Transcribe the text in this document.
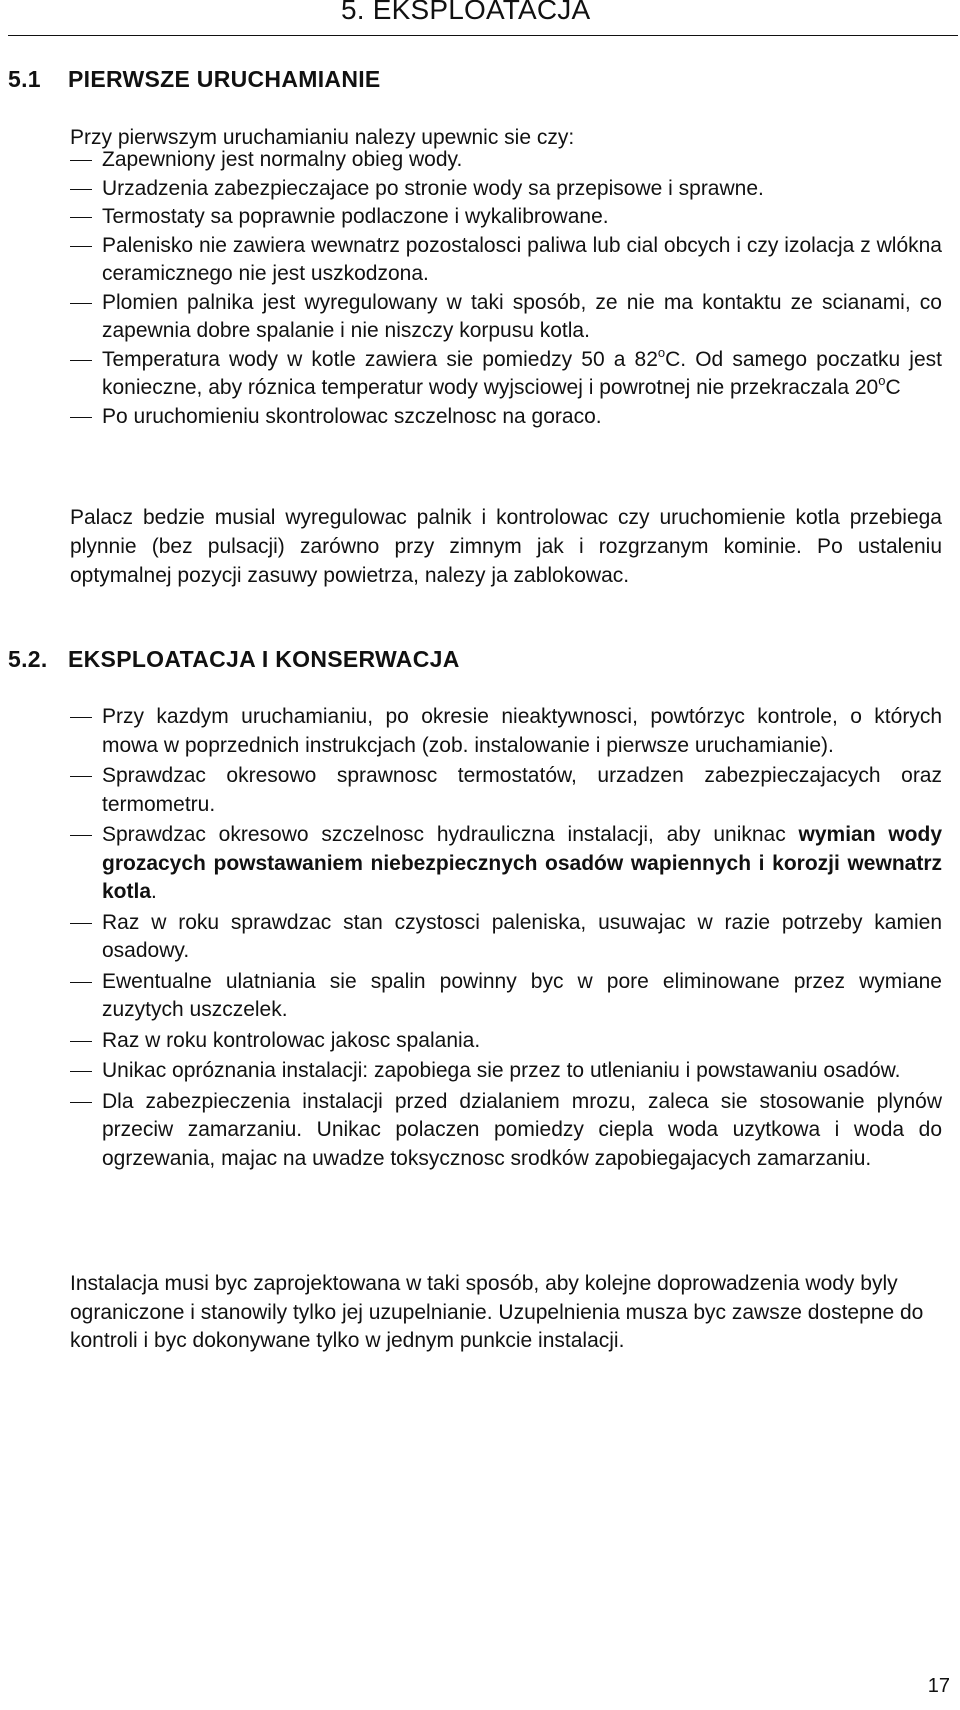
5. EKSPLOATACJA
5.1 PIERWSZE URUCHAMIANIE
Przy pierwszym uruchamianiu nalezy upewnic sie czy:
Zapewniony jest normalny obieg wody.
Urzadzenia zabezpieczajace po stronie wody sa przepisowe i sprawne.
Termostaty sa poprawnie podlaczone i wykalibrowane.
Palenisko nie zawiera wewnatrz pozostalosci paliwa lub cial obcych i czy izolacja z wlókna ceramicznego nie jest uszkodzona.
Plomien palnika jest wyregulowany w taki sposób, ze nie ma kontaktu ze scianami, co zapewnia dobre spalanie i nie niszczy korpusu kotla.
Temperatura wody w kotle zawiera sie pomiedzy 50 a 82$^o$C. Od samego poczatku jest konieczne, aby róznica temperatur wody wyjsciowej i powrotnej nie przekraczala 20$^o$C
Po uruchomieniu skontrolowac szczelnosc na goraco.
Palacz bedzie musial wyregulowac palnik i kontrolowac czy uruchomienie kotla przebiega plynnie (bez pulsacji) zarówno przy zimnym jak i rozgrzanym kominie. Po ustaleniu optymalnej pozycji zasuwy powietrza, nalezy ja zablokowac.
5.2. EKSPLOATACJA I KONSERWACJA
Przy kazdym uruchamianiu, po okresie nieaktywnosci, powtórzyc kontrole, o których mowa w poprzednich instrukcjach (zob. instalowanie i pierwsze uruchamianie).
Sprawdzac okresowo sprawnosc termostatów, urzadzen zabezpieczajacych oraz termometru.
Sprawdzac okresowo szczelnosc hydrauliczna instalacji, aby uniknac wymian wody grozacych powstawaniem niebezpiecznych osadów wapiennych i korozji wewnatrz kotla.
Raz w roku sprawdzac stan czystosci paleniska, usuwajac w razie potrzeby kamien osadowy.
Ewentualne ulatniania sie spalin powinny byc w pore eliminowane przez wymiane zuzytych uszczelek.
Raz w roku kontrolowac jakosc spalania.
Unikac opróznania instalacji: zapobiega sie przez to utlenianiu i powstawaniu osadów.
Dla zabezpieczenia instalacji przed dzialaniem mrozu, zaleca sie stosowanie plynów przeciw zamarzaniu. Unikac polaczen pomiedzy ciepla woda uzytkowa i woda do ogrzewania, majac na uwadze toksycznosc srodków zapobiegajacych zamarzaniu.
Instalacja musi byc zaprojektowana w taki sposób, aby kolejne doprowadzenia wody byly ograniczone i stanowily tylko jej uzupelnianie. Uzupelnienia musza byc zawsze dostepne do kontroli i byc dokonywane tylko w jednym punkcie instalacji.
17
